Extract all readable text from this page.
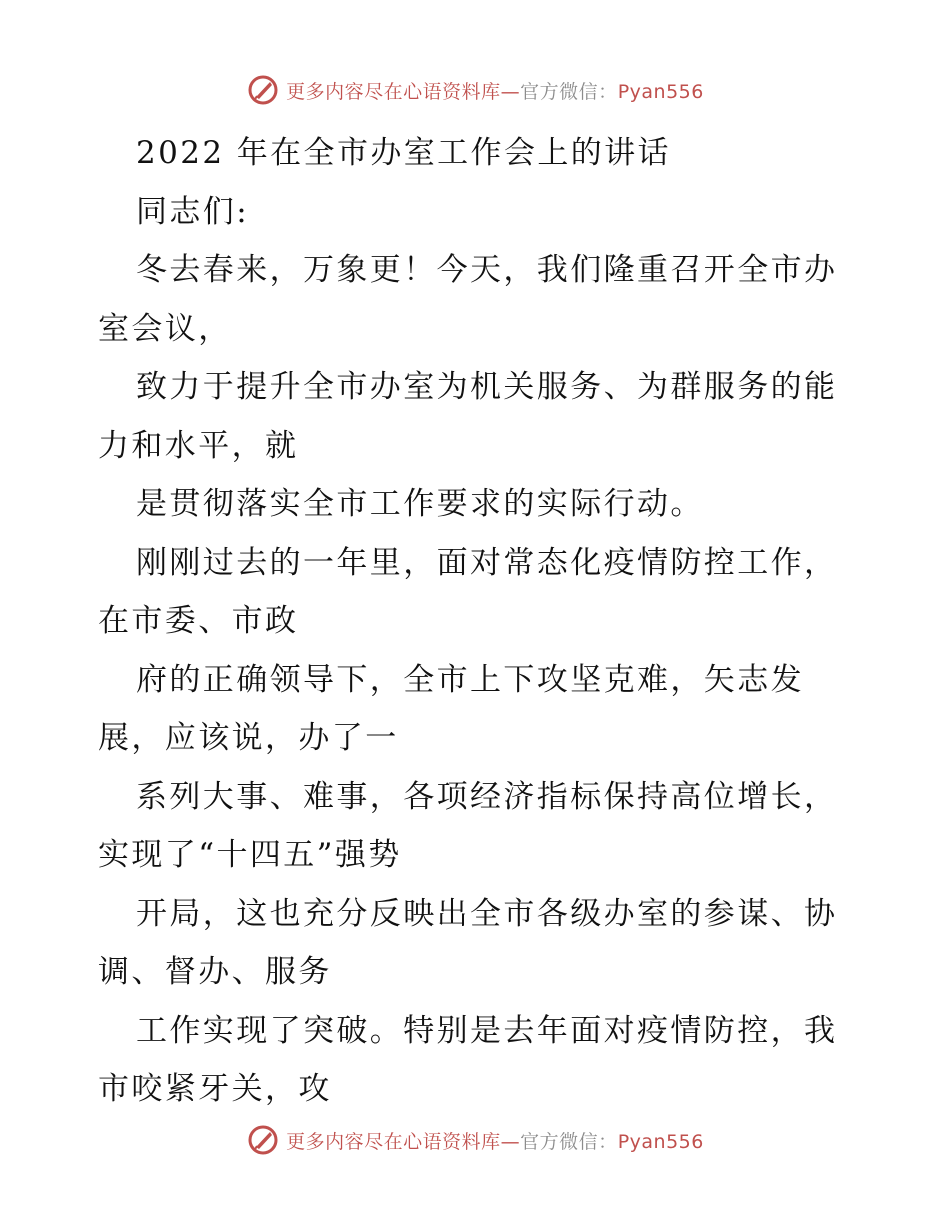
更多内容尽在心语资料库—官方微信：Pyan556
2022 年在全市办室工作会上的讲话
同志们:
冬去春来，万象更！今天，我们隆重召开全市办
室会议，
致力于提升全市办室为机关服务、为群服务的能
力和水平，就
是贯彻落实全市工作要求的实际行动。
刚刚过去的一年里，面对常态化疫情防控工作，
在市委、市政
府的正确领导下，全市上下攻坚克难，矢志发
展，应该说，办了一
系列大事、难事，各项经济指标保持高位增长，
实现了“十四五”强势
开局，这也充分反映出全市各级办室的参谋、协
调、督办、服务
工作实现了突破。特别是去年面对疫情防控，我
市咬紧牙关，攻
更多内容尽在心语资料库—官方微信：Pyan556
